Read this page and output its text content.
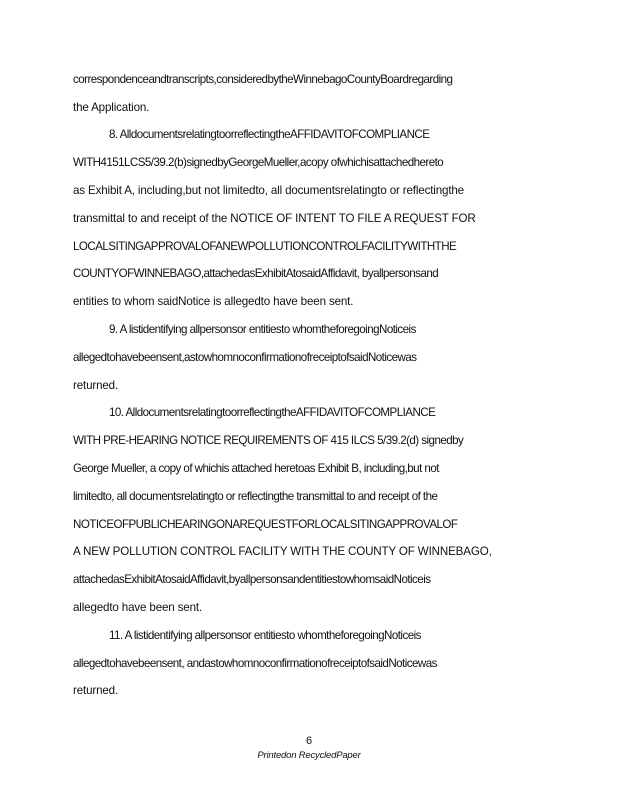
correspondenceandtranscripts,consideredbytheWinnebagoCountyBoardregarding
the Application.
8. AlldocumentsrelatingtoorreflectingtheAFFIDAVITOFCOMPLIANCE
WITH4151LCS5/39.2(b)signedbyGeorgeMueller,acopy ofwhichisattachedhereto
as Exhibit A, including,but not limitedto, all documentsrelatingto or reflectingthe
transmittal to and receipt of the NOTICE OF INTENT TO FILE A REQUEST FOR
LOCALSITINGAPPROVALOFANEWPOLLUTIONCONTROLFACILITYWITHTHE
COUNTYOFWINNEBAGO,attachedasExhibitAtosaidAffidavit, byallpersonsand
entities to whom saidNotice is allegedto have been sent.
9. A listidentifying allpersonsor entitiesto whomtheforegoingNoticeis
allegedtohavebeensent,astowhomnoconfirmationofreceiptofsaidNoticewas
returned.
10. AlldocumentsrelatingtoorreflectingtheAFFIDAVITOFCOMPLIANCE
WITH PRE-HEARING NOTICE REQUIREMENTS OF 415 ILCS 5/39.2(d) signedby
George Mueller, a copy of whichis attached heretoas Exhibit B, including,but not
limitedto, all documentsrelatingto or reflectingthe transmittal to and receipt of the
NOTICEOFPUBLICHEARINGONAREQUESTFORLOCALSITINGAPPROVALOF
A NEW POLLUTION CONTROL FACILITY WITH THE COUNTY OF WINNEBAGO,
attachedasExhibitAtosaidAffidavit,byallpersonsandentitiestowhomsaidNoticeis
allegedto have been sent.
11. A listidentifying allpersonsor entitiesto whomtheforegoingNoticeis
allegedtohavebeensent, andastowhomnoconfirmationofreceiptofsaidNoticewas
returned.
6
Printedon RecycledPaper
